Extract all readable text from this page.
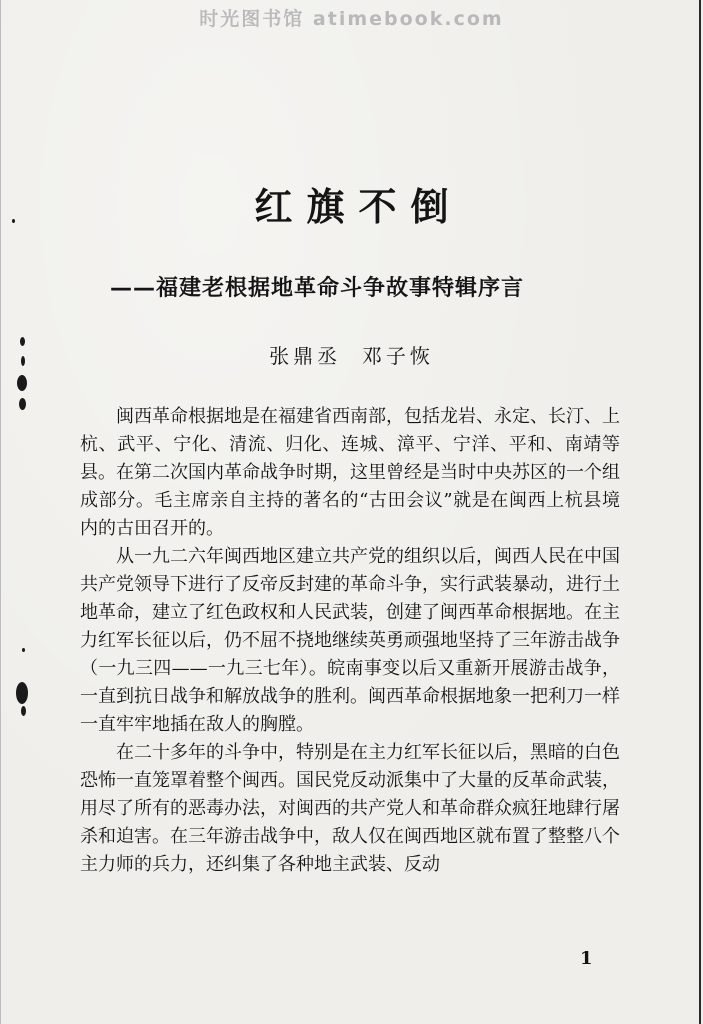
时光图书馆 atimebook.com
红旗不倒
——福建老根据地革命斗争故事特辑序言
张鼎丞  邓子恢

闽西革命根据地是在福建省西南部，包括龙岩、永定、长汀、上杭、武平、宁化、清流、归化、连城、漳平、宁洋、平和、南靖等县。在第二次国内革命战争时期，这里曾经是当时中央苏区的一个组成部分。毛主席亲自主持的著名的“古田会议”就是在闽西上杭县境内的古田召开的。

从一九二六年闽西地区建立共产党的组织以后，闽西人民在中国共产党领导下进行了反帝反封建的革命斗争，实行武装暴动，进行土地革命，建立了红色政权和人民武装，创建了闽西革命根据地。在主力红军长征以后，仍不屈不挠地继续英勇顽强地坚持了三年游击战争（一九三四——一九三七年）。皖南事变以后又重新开展游击战争，一直到抗日战争和解放战争的胜利。闽西革命根据地象一把利刀一样一直牢牢地插在敌人的胸膛。

在二十多年的斗争中，特别是在主力红军长征以后，黑暗的白色恐怖一直笼罩着整个闽西。国民党反动派集中了大量的反革命武装，用尽了所有的恶毒办法，对闽西的共产党人和革命群众疯狂地肆行屠杀和迫害。在三年游击战争中，敌人仅在闽西地区就布置了整整八个主力师的兵力，还纠集了各种地主武装、反动

1
